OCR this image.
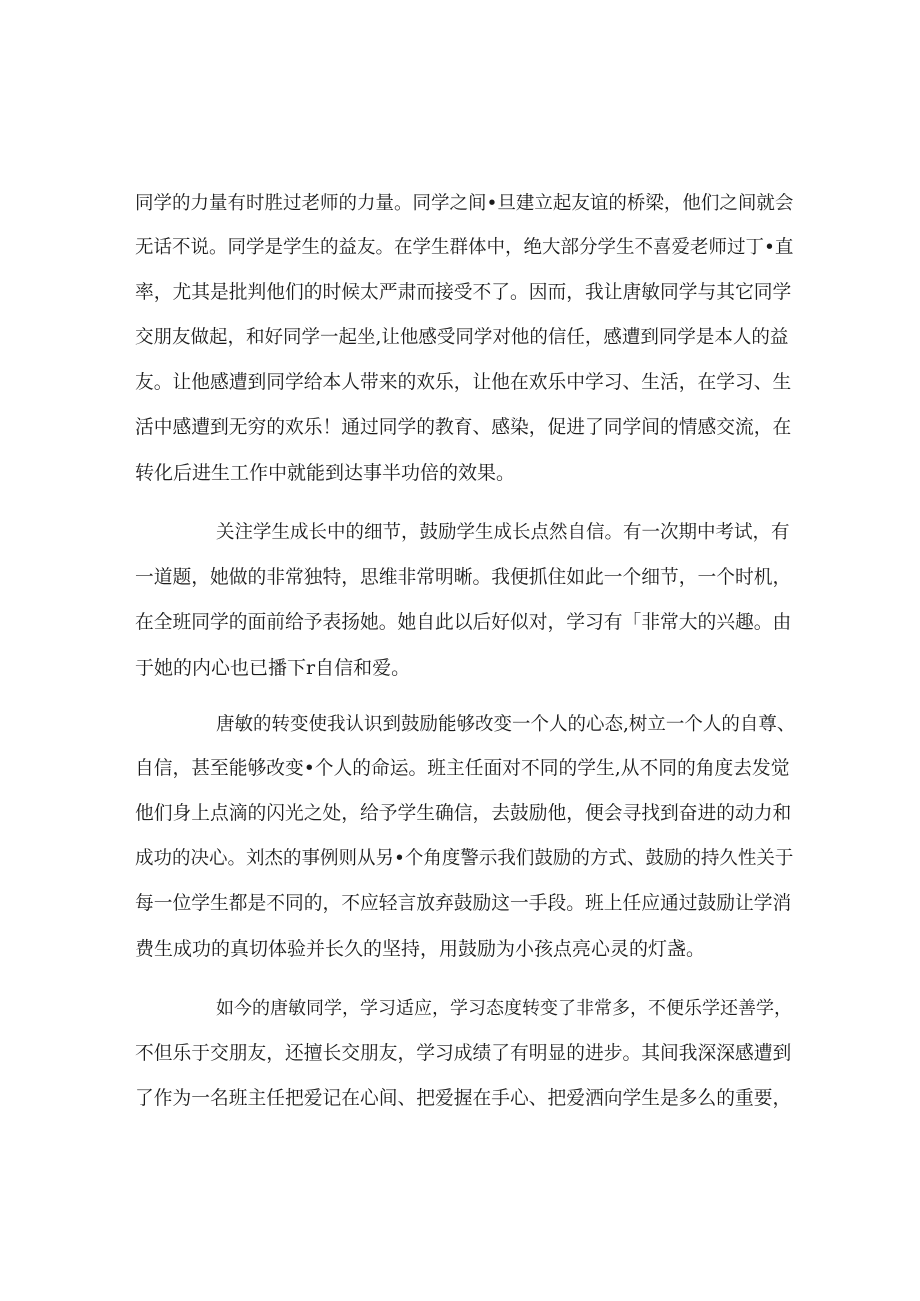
同学的力量有时胜过老师的力量。同学之间•旦建立起友谊的桥梁，他们之间就会
无话不说。同学是学生的益友。在学生群体中，绝大部分学生不喜爱老师过丁•直
率，尤其是批判他们的时候太严肃而接受不了。因而，我让唐敏同学与其它同学
交朋友做起，和好同学一起坐,让他感受同学对他的信任，感遭到同学是本人的益
友。让他感遭到同学给本人带来的欢乐，让他在欢乐中学习、生活，在学习、生
活中感遭到无穷的欢乐！通过同学的教育、感染，促进了同学间的情感交流，在
转化后进生工作中就能到达事半功倍的效果。
关注学生成长中的细节，鼓励学生成长点然自信。有一次期中考试，有
一道题，她做的非常独特，思维非常明晰。我便抓住如此一个细节，一个时机，
在全班同学的面前给予表扬她。她自此以后好似对，学习有「非常大的兴趣。由
于她的内心也已播下r自信和爱。
唐敏的转变使我认识到鼓励能够改变一个人的心态,树立一个人的自尊、
自信，甚至能够改变•个人的命运。班主任面对不同的学生,从不同的角度去发觉
他们身上点滴的闪光之处，给予学生确信，去鼓励他，便会寻找到奋进的动力和
成功的决心。刘杰的事例则从另•个角度警示我们鼓励的方式、鼓励的持久性关于
每一位学生都是不同的，不应轻言放弃鼓励这一手段。班上任应通过鼓励让学消
费生成功的真切体验并长久的坚持，用鼓励为小孩点亮心灵的灯盏。
如今的唐敏同学，学习适应，学习态度转变了非常多，不便乐学还善学，
不但乐于交朋友，还擅长交朋友，学习成绩了有明显的进步。其间我深深感遭到
了作为一名班主任把爱记在心间、把爱握在手心、把爱洒向学生是多么的重要，
